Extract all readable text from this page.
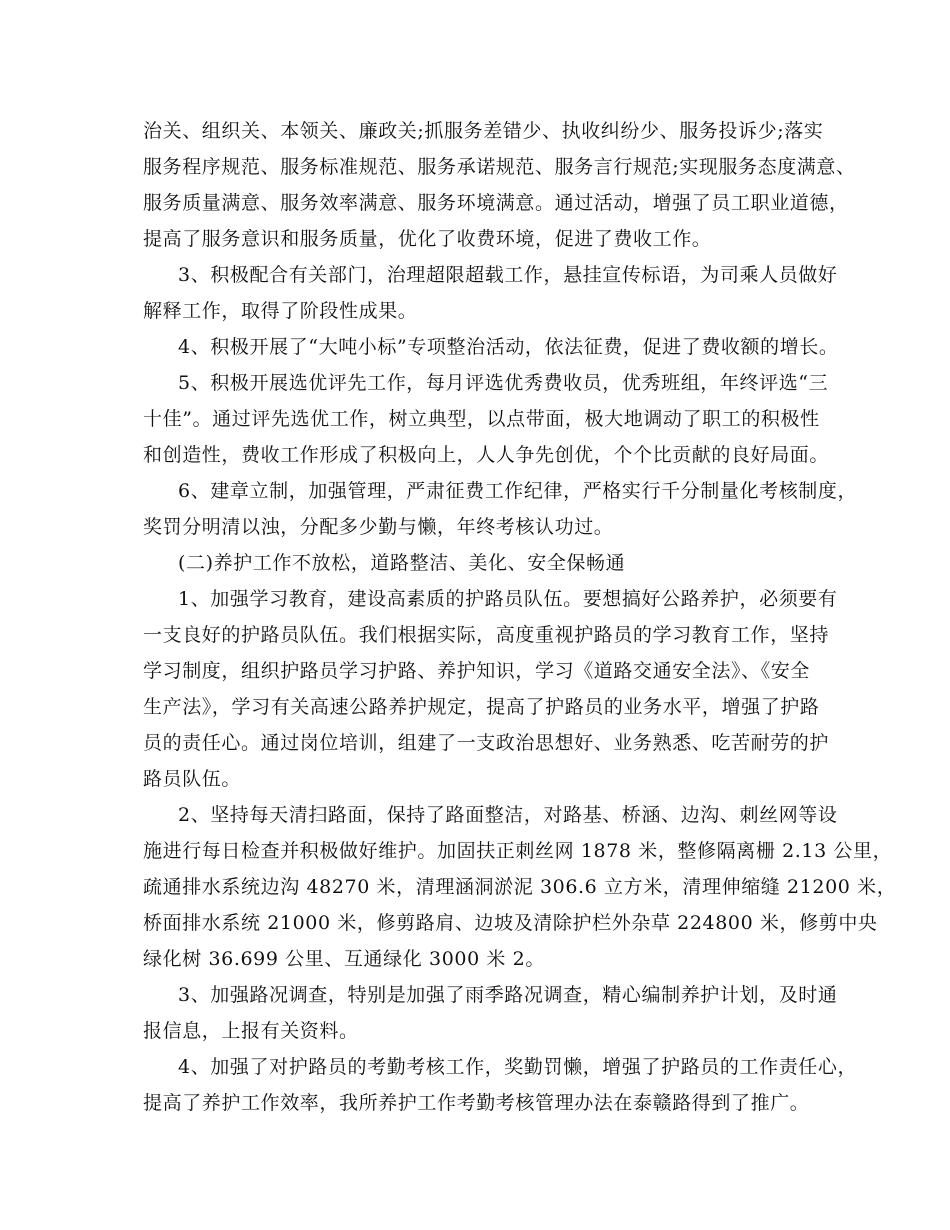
治关、组织关、本领关、廉政关;抓服务差错少、执收纠纷少、服务投诉少;落实

服务程序规范、服务标准规范、服务承诺规范、服务言行规范;实现服务态度满意、

服务质量满意、服务效率满意、服务环境满意。通过活动，增强了员工职业道德，

提高了服务意识和服务质量，优化了收费环境，促进了费收工作。

3、积极配合有关部门，治理超限超载工作，悬挂宣传标语，为司乘人员做好

解释工作，取得了阶段性成果。

4、积极开展了“大吨小标”专项整治活动，依法征费，促进了费收额的增长。

5、积极开展选优评先工作，每月评选优秀费收员，优秀班组，年终评选“三

十佳”。通过评先选优工作，树立典型，以点带面，极大地调动了职工的积极性

和创造性，费收工作形成了积极向上，人人争先创优，个个比贡献的良好局面。

6、建章立制，加强管理，严肃征费工作纪律，严格实行千分制量化考核制度，

奖罚分明清以浊，分配多少勤与懒，年终考核认功过。

(二)养护工作不放松，道路整洁、美化、安全保畅通

1、加强学习教育，建设高素质的护路员队伍。要想搞好公路养护，必须要有

一支良好的护路员队伍。我们根据实际，高度重视护路员的学习教育工作，坚持

学习制度，组织护路员学习护路、养护知识，学习《道路交通安全法》、《安全

生产法》，学习有关高速公路养护规定，提高了护路员的业务水平，增强了护路

员的责任心。通过岗位培训，组建了一支政治思想好、业务熟悉、吃苦耐劳的护

路员队伍。

2、坚持每天清扫路面，保持了路面整洁，对路基、桥涵、边沟、刺丝网等设

施进行每日检查并积极做好维护。加固扶正刺丝网 1878 米，整修隔离栅 2.13 公里，

疏通排水系统边沟 48270 米，清理涵洞淤泥 306.6 立方米，清理伸缩缝 21200 米，

桥面排水系统 21000 米，修剪路肩、边坡及清除护栏外杂草 224800 米，修剪中央

绿化树 36.699 公里、互通绿化 3000 米 2。

3、加强路况调查，特别是加强了雨季路况调查，精心编制养护计划，及时通

报信息，上报有关资料。

4、加强了对护路员的考勤考核工作，奖勤罚懒，增强了护路员的工作责任心，

提高了养护工作效率，我所养护工作考勤考核管理办法在泰赣路得到了推广。
